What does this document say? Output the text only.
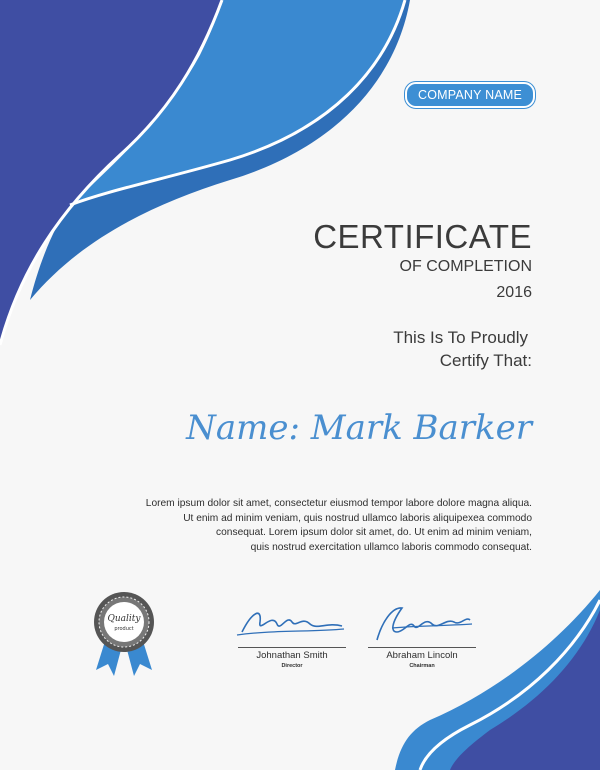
COMPANY NAME
CERTIFICATE
OF COMPLETION
2016
This Is To Proudly
Certify That:
Name: Mark Barker
Lorem ipsum dolor sit amet, consectetur eiusmod tempor labore dolore magna aliqua.
Ut enim ad minim veniam, quis nostrud ullamco laboris aliquipexea commodo
consequat. Lorem ipsum dolor sit amet, do. Ut enim ad minim veniam,
quis nostrud exercitation ullamco laboris commodo consequat.
Quality
product
Johnathan Smith
Director
Abraham Lincoln
Chairman
